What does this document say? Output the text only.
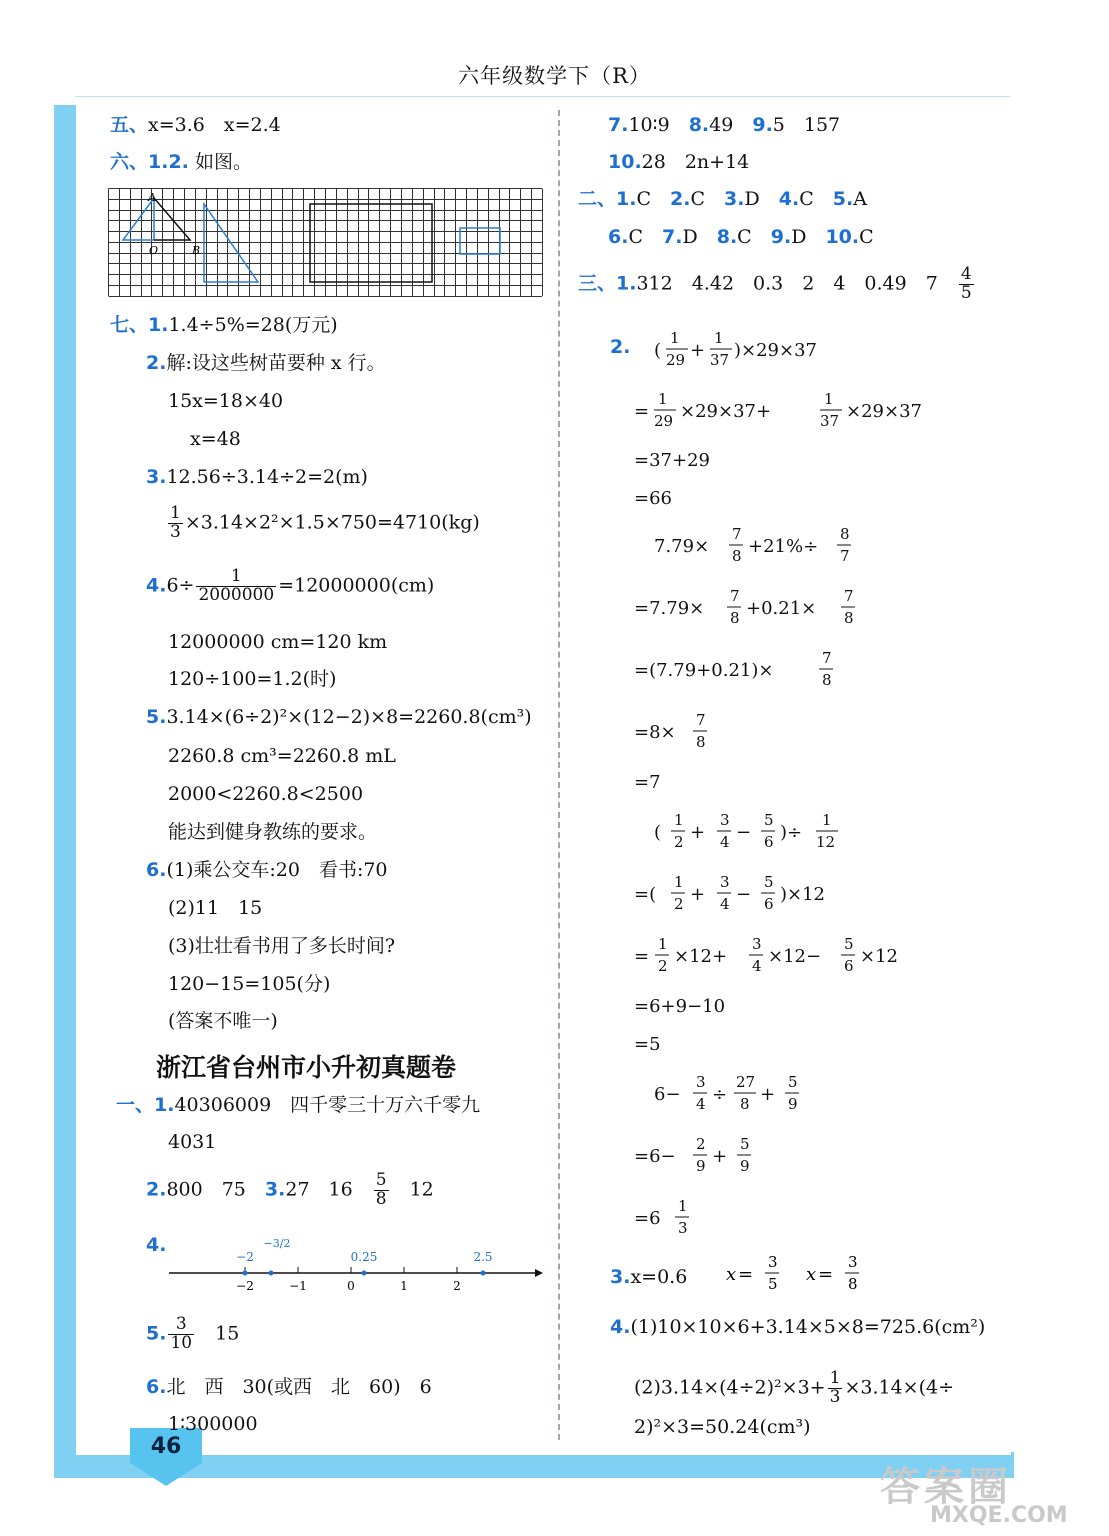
六年级数学下（R）
46
答案圈
MXQE.COM
五、x=3.6　x=2.4
六、1.2. 如图。
A
O	B
七、1.1.4÷5%=28(万元)
2.解:设这些树苗要种 x 行。
15x=18×40
x=48
3.12.56÷3.14÷2=2(m)
$\frac{1}{3} \times 3.14\times 2^2\times 1.5\times 750=4710(kg)$
$4.6\div \frac{1}{2000000} =12000000(cm)$
12000000 cm=120 km
120÷100=1.2(时)
5.3.14×(6÷2)²×(12−2)×8=2260.8(cm³)
2260.8 cm³=2260.8 mL
2000<2260.8<2500
能达到健身教练的要求。
6.(1)乘公交车:20　看书:70
(2)11　15
(3)壮壮看书用了多长时间?
120−15=105(分)
(答案不唯一)
浙江省台州市小升初真题卷
一、1.40306009　四千零三十万六千零九
4031
2.800　75　 3.27　16　 $\frac{5}{8}$
　 12
4.
−2
−3/2
0.25	2.5
−2	−1	0	1	2
5. $\frac{3}{10}$
　 15
6.北　西　30(或西　北　60)　6
1∶300000
7.10∶9　 8.49　 9.5　157
10.28　2n+14
二、1.C　 2.C　 3.D　 4.C　 5.A
6.C　 7.D　 8.C　 9.D　 10.C
三、1.312　4.42　0.3　2　4　0.49　7　 $\frac{4}{5}$
2. (
1
29 +
1
37 )×29×37
=
1
29 ×29×37+
1
37 ×29×37
=37+29
=66
7.79×
7
8 +21%÷
8
7
=7.79×
7
8 +0.21×
7
8
=(7.79+0.21)×
7
8
=8×
7
8
=7
(
1
2 +
3
4 −
5
6 )÷
1
12
=(
1
2 +
3
4 −
5
6 )×12
=
1
2 ×12+
3
4 ×12−
5
6 ×12
=6+9−10
=5
6−
3
4 ÷
27
8 +
5
9
=6−
2
9 +
5
9
=6
1
3
3.x=0.6 x =
3
5 x =
3
8
4.(1)10×10×6+3.14×5×8=725.6(cm²)
$(2)3.14\times(4\div 2)^2\times 3+ \frac{1}{3} \times 3.14\times(4\div$
2)²×3=50.24(cm³)
